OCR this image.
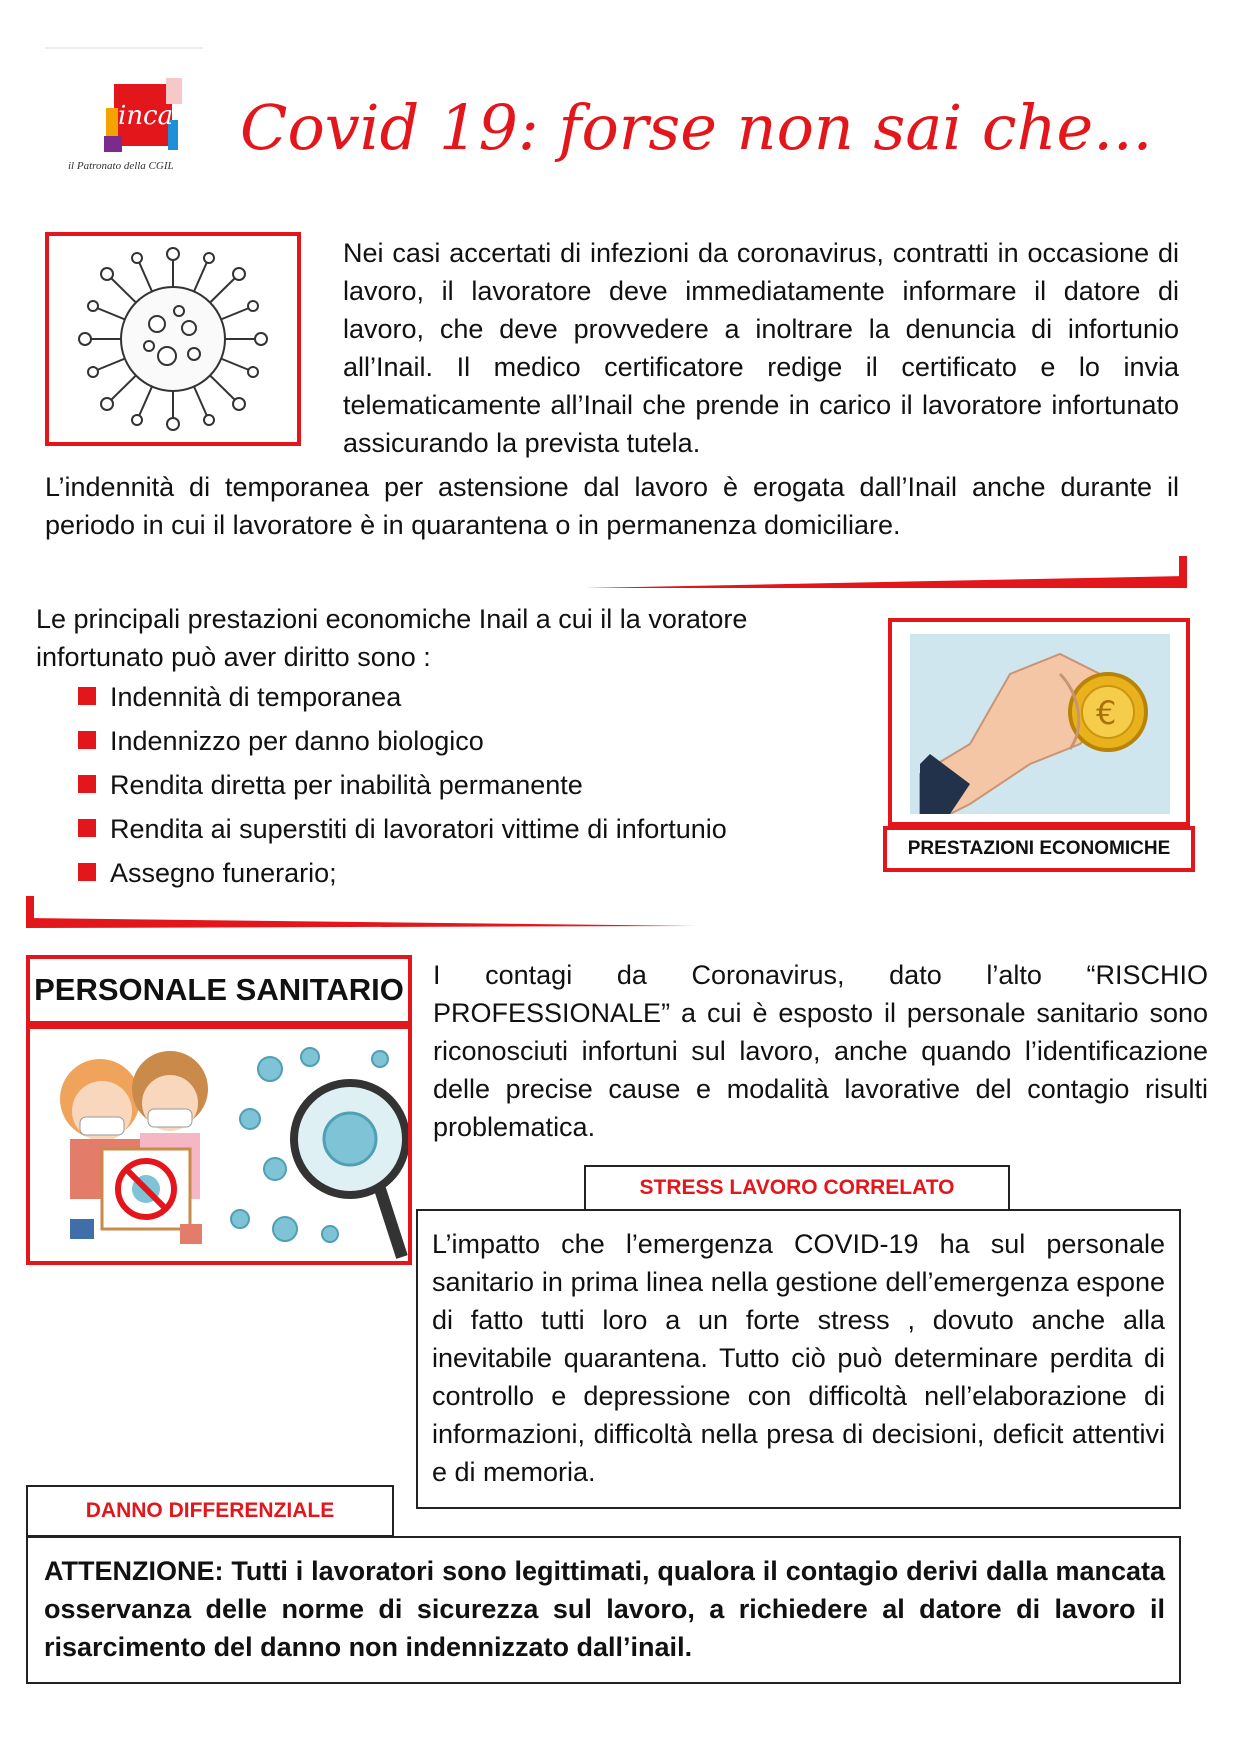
inca
il Patronato della CGIL
Covid 19: forse non sai che...
Nei casi accertati di infezioni da coronavirus, contratti in occasione di lavoro, il lavoratore deve immediatamente informare il datore di lavoro, che deve provvedere a inoltrare la denuncia di infortunio all’Inail. Il medico certificatore redige il certificato e lo invia telematicamente all’Inail che prende in carico il lavoratore infortunato assicurando la prevista tutela.
L’indennità di temporanea per astensione dal lavoro è erogata dall’Inail anche durante il periodo in cui il lavoratore è in quarantena o in permanenza domiciliare.
Le principali prestazioni economiche Inail a cui il la voratore infortunato può aver diritto sono :
Indennità di temporanea
Indennizzo per danno biologico
Rendita diretta per inabilità permanente
Rendita ai superstiti di lavoratori vittime di infortunio
Assegno funerario;
€
PRESTAZIONI ECONOMICHE
PERSONALE SANITARIO I contagi da Coronavirus, dato l’alto “RISCHIO PROFESSIONALE” a cui è esposto il personale sanitario sono riconosciuti infortuni sul lavoro, anche quando l’identificazione delle precise cause e modalità lavorative del contagio risulti problematica.
STRESS LAVORO CORRELATO
L’impatto che l’emergenza COVID-19 ha sul personale sanitario in prima linea nella gestione dell’emergenza espone di fatto tutti loro a un forte stress , dovuto anche alla inevitabile quarantena. Tutto ciò può determinare perdita di controllo e depressione con difficoltà nell’elaborazione di informazioni, difficoltà nella presa di decisioni, deficit attentivi e di memoria.
DANNO DIFFERENZIALE
ATTENZIONE: Tutti i lavoratori sono legittimati, qualora il contagio derivi dalla mancata osservanza delle norme di sicurezza sul lavoro, a richiedere al datore di lavoro il risarcimento del danno non indennizzato dall’inail.
